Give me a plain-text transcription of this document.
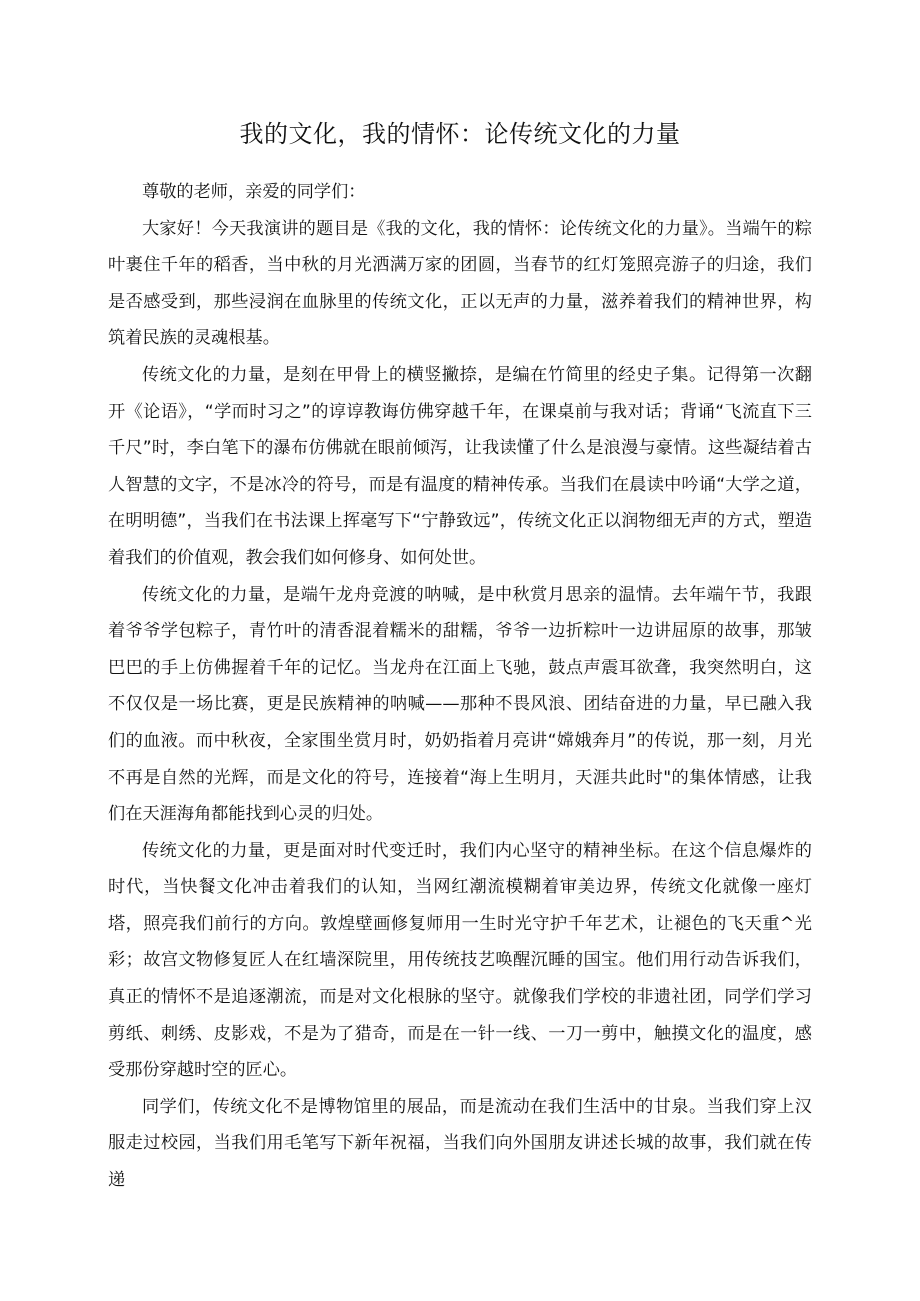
我的文化，我的情怀：论传统文化的力量

尊敬的老师，亲爱的同学们：

大家好！今天我演讲的题目是《我的文化，我的情怀：论传统文化的力量》。当端午的粽叶裹住千年的稻香，当中秋的月光洒满万家的团圆，当春节的红灯笼照亮游子的归途，我们是否感受到，那些浸润在血脉里的传统文化，正以无声的力量，滋养着我们的精神世界，构筑着民族的灵魂根基。

传统文化的力量，是刻在甲骨上的横竖撇捺，是编在竹简里的经史子集。记得第一次翻开《论语》，“学而时习之”的谆谆教诲仿佛穿越千年，在课桌前与我对话；背诵“飞流直下三千尺”时，李白笔下的瀑布仿佛就在眼前倾泻，让我读懂了什么是浪漫与豪情。这些凝结着古人智慧的文字，不是冰冷的符号，而是有温度的精神传承。当我们在晨读中吟诵“大学之道，在明明德”，当我们在书法课上挥毫写下“宁静致远”，传统文化正以润物细无声的方式，塑造着我们的价值观，教会我们如何修身、如何处世。

传统文化的力量，是端午龙舟竞渡的呐喊，是中秋赏月思亲的温情。去年端午节，我跟着爷爷学包粽子，青竹叶的清香混着糯米的甜糯，爷爷一边折粽叶一边讲屈原的故事，那皱巴巴的手上仿佛握着千年的记忆。当龙舟在江面上飞驰，鼓点声震耳欲聋，我突然明白，这不仅仅是一场比赛，更是民族精神的呐喊——那种不畏风浪、团结奋进的力量，早已融入我们的血液。而中秋夜，全家围坐赏月时，奶奶指着月亮讲“嫦娥奔月”的传说，那一刻，月光不再是自然的光辉，而是文化的符号，连接着“海上生明月，天涯共此时"的集体情感，让我们在天涯海角都能找到心灵的归处。

传统文化的力量，更是面对时代变迁时，我们内心坚守的精神坐标。在这个信息爆炸的时代，当快餐文化冲击着我们的认知，当网红潮流模糊着审美边界，传统文化就像一座灯塔，照亮我们前行的方向。敦煌壁画修复师用一生时光守护千年艺术，让褪色的飞天重^光彩；故宫文物修复匠人在红墙深院里，用传统技艺唤醒沉睡的国宝。他们用行动告诉我们，真正的情怀不是追逐潮流，而是对文化根脉的坚守。就像我们学校的非遗社团，同学们学习剪纸、刺绣、皮影戏，不是为了猎奇，而是在一针一线、一刀一剪中，触摸文化的温度，感受那份穿越时空的匠心。

同学们，传统文化不是博物馆里的展品，而是流动在我们生活中的甘泉。当我们穿上汉服走过校园，当我们用毛笔写下新年祝福，当我们向外国朋友讲述长城的故事，我们就在传递
